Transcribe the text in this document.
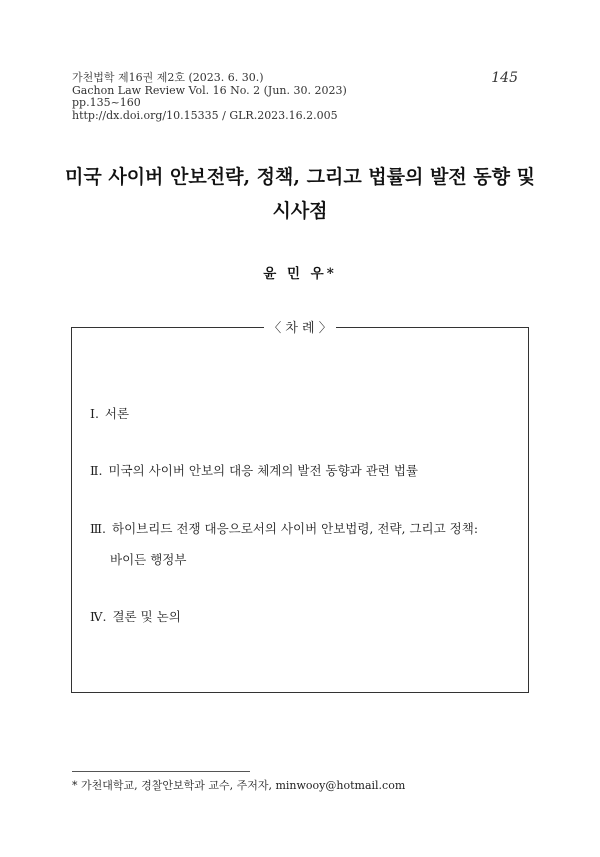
가천법학 제16권 제2호 (2023. 6. 30.)
Gachon Law Review Vol. 16 No. 2 (Jun. 30. 2023)
pp.135~160
http://dx.doi.org/10.15335 / GLR.2023.16.2.005
145
미국 사이버 안보전략, 정책, 그리고 법률의 발전 동향 및
시사점
윤 민 우*
〈 차 례 〉
Ⅰ. 서론
Ⅱ. 미국의 사이버 안보의 대응 체계의 발전 동향과 관련 법률
Ⅲ. 하이브리드 전쟁 대응으로서의 사이버 안보법령, 전략, 그리고 정책:
바이든 행정부
Ⅳ. 결론 및 논의
* 가천대학교, 경찰안보학과 교수, 주저자, minwooy@hotmail.com
